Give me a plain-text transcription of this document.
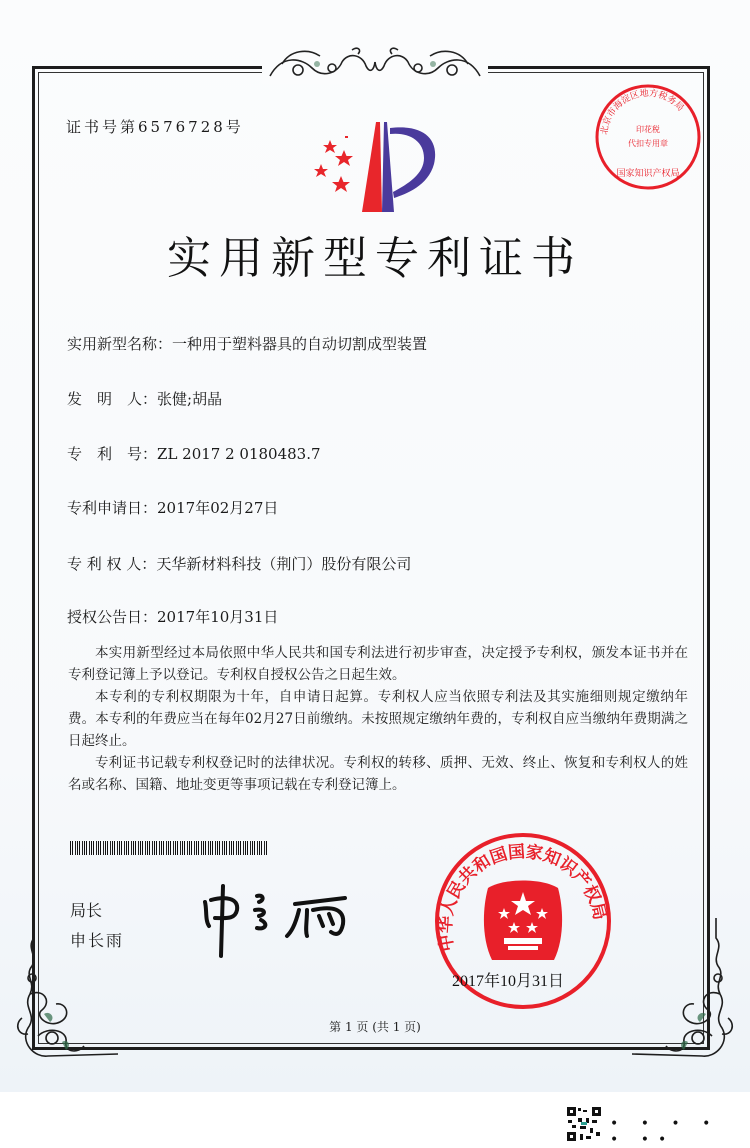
证书号第6576728号	北京市海淀区地方税务局
印花税
代扣专用章
国家知识产权局
实用新型专利证书
实用新型名称：一种用于塑料器具的自动切割成型装置
发　明　人：张健;胡晶
专　利　号：ZL 2017 2 0180483.7
专利申请日：2017年02月27日
专 利 权 人：天华新材料科技（荆门）股份有限公司
授权公告日：2017年10月31日

本实用新型经过本局依照中华人民共和国专利法进行初步审查，决定授予专利权，颁发本证书并在专利登记簿上予以登记。专利权自授权公告之日起生效。

本专利的专利权期限为十年，自申请日起算。专利权人应当依照专利法及其实施细则规定缴纳年费。本专利的年费应当在每年02月27日前缴纳。未按照规定缴纳年费的，专利权自应当缴纳年费期满之日起终止。

专利证书记载专利权登记时的法律状况。专利权的转移、质押、无效、终止、恢复和专利权人的姓名或名称、国籍、地址变更等事项记载在专利登记簿上。

局长
申长雨	中华人民共和国国家知识产权局
2017年10月31日
第 1 页 (共 1 页)
• • • • • ••
